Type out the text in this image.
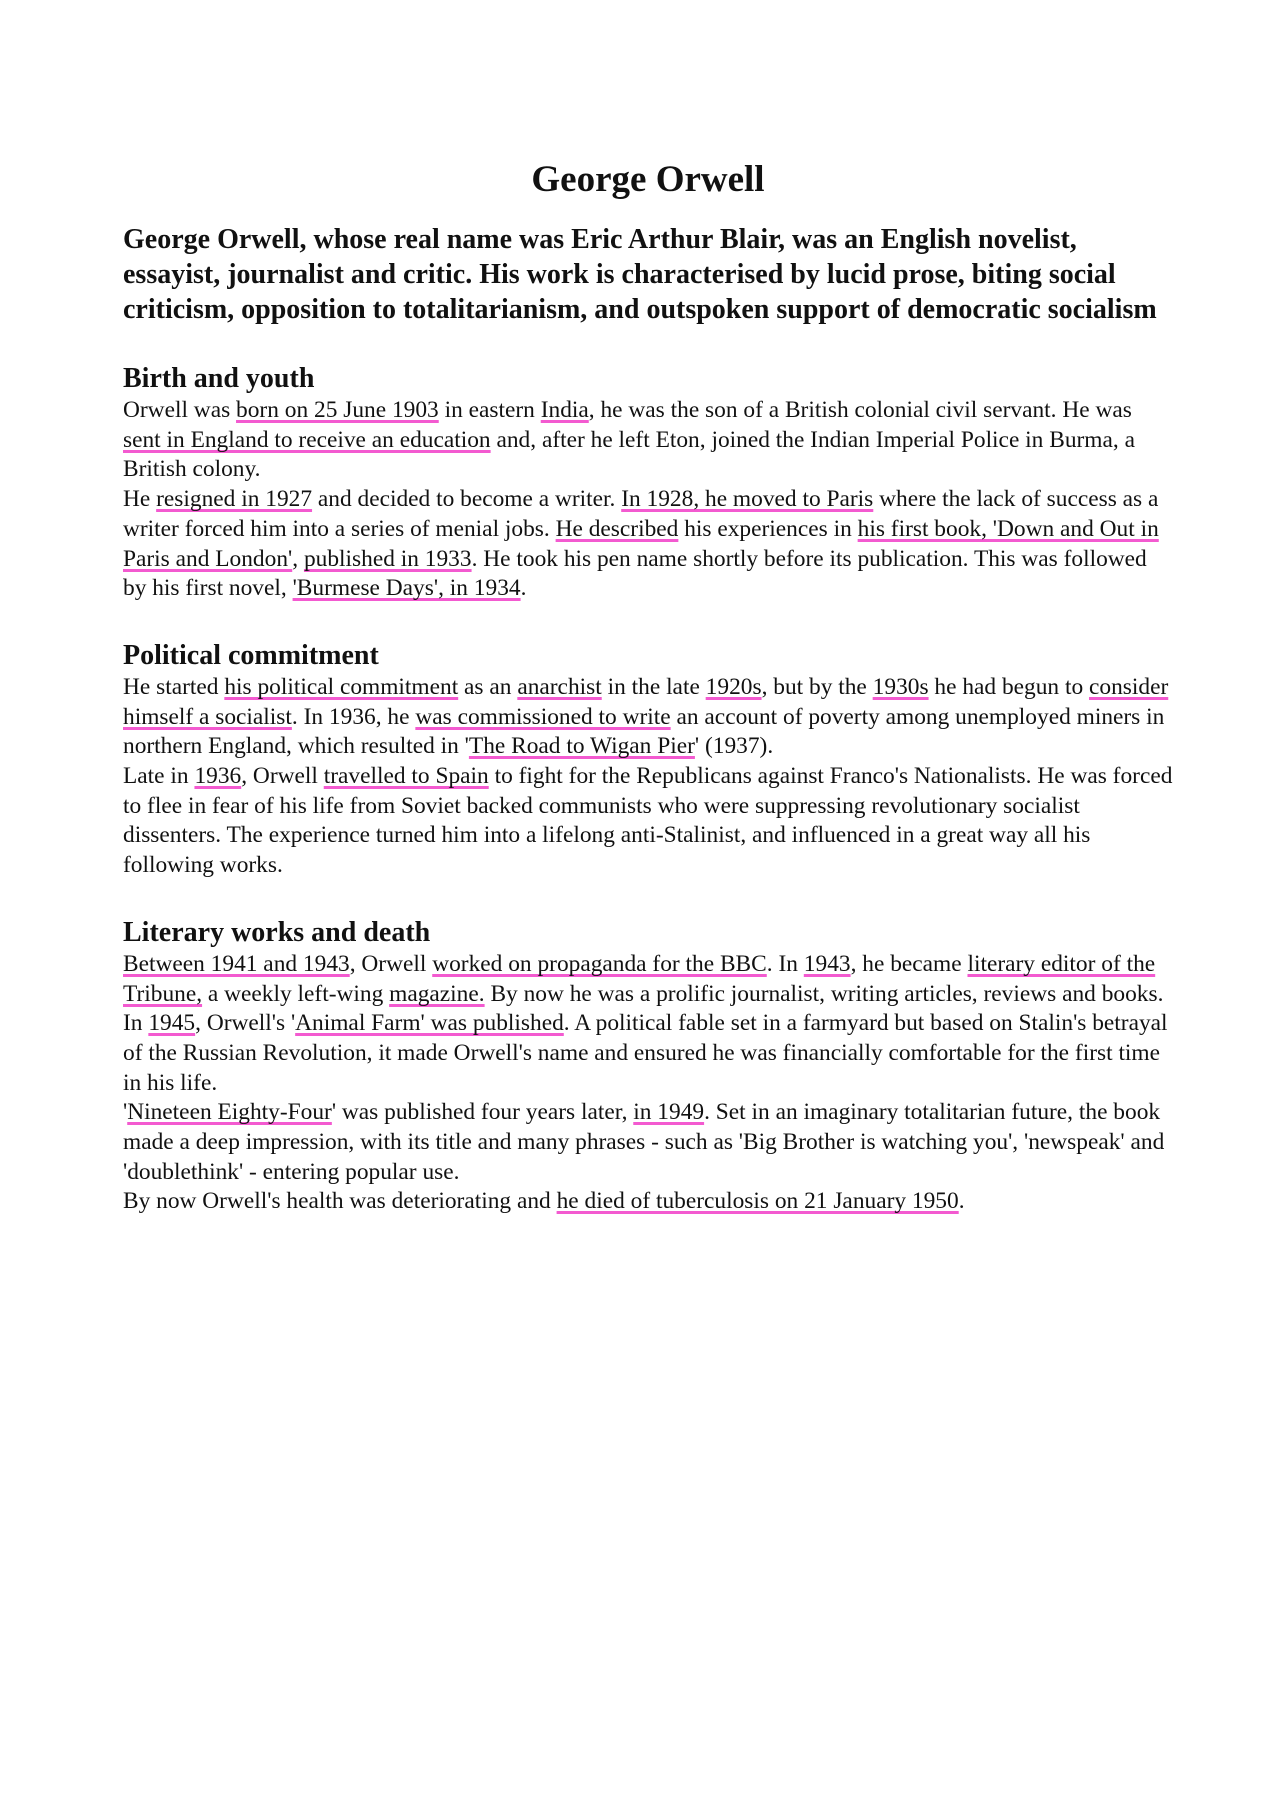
George Orwell

George Orwell, whose real name was Eric Arthur Blair, was an English novelist, essayist, journalist and critic. His work is characterised by lucid prose, biting social criticism, opposition to totalitarianism, and outspoken support of democratic socialism

Birth and youth

Orwell was born on 25 June 1903 in eastern India, he was the son of a British colonial civil servant. He was sent in England to receive an education and, after he left Eton, joined the Indian Imperial Police in Burma, a British colony.

He resigned in 1927 and decided to become a writer. In 1928, he moved to Paris where the lack of success as a writer forced him into a series of menial jobs. He described his experiences in his first book, 'Down and Out in Paris and London', published in 1933. He took his pen name shortly before its publication. This was followed by his first novel, 'Burmese Days', in 1934.

Political commitment

He started his political commitment as an anarchist in the late 1920s, but by the 1930s he had begun to consider himself a socialist. In 1936, he was commissioned to write an account of poverty among unemployed miners in northern England, which resulted in 'The Road to Wigan Pier' (1937).

Late in 1936, Orwell travelled to Spain to fight for the Republicans against Franco's Nationalists. He was forced to flee in fear of his life from Soviet backed communists who were suppressing revolutionary socialist dissenters. The experience turned him into a lifelong anti-Stalinist, and influenced in a great way all his following works.

Literary works and death

Between 1941 and 1943, Orwell worked on propaganda for the BBC. In 1943, he became literary editor of the Tribune, a weekly left-wing magazine. By now he was a prolific journalist, writing articles, reviews and books.

In 1945, Orwell's 'Animal Farm' was published. A political fable set in a farmyard but based on Stalin's betrayal of the Russian Revolution, it made Orwell's name and ensured he was financially comfortable for the first time in his life.

'Nineteen Eighty-Four' was published four years later, in 1949. Set in an imaginary totalitarian future, the book made a deep impression, with its title and many phrases - such as 'Big Brother is watching you', 'newspeak' and 'doublethink' - entering popular use.

By now Orwell's health was deteriorating and he died of tuberculosis on 21 January 1950.
